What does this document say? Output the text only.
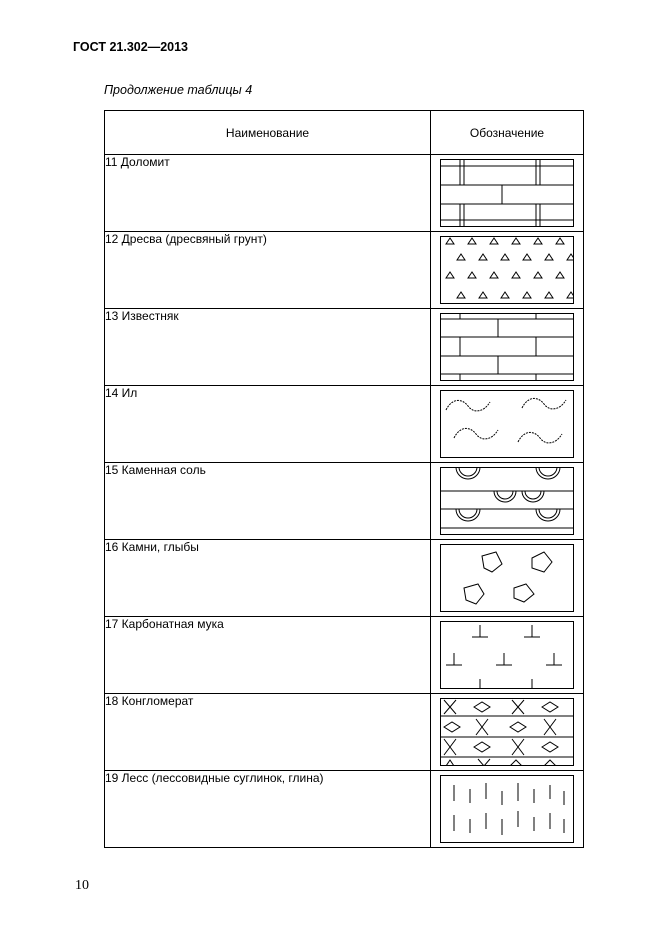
ГОСТ 21.302—2013
Продолжение таблицы 4
Наименование	Обозначение
11 Доломит	

12 Дресва (дресвяный грунт)	

13 Известняк	

14 Ил	

15 Каменная соль	

16 Камни, глыбы	

17 Карбонатная мука	

18 Конгломерат	

19 Лесс (лессовидные суглинок, глина)	
10
